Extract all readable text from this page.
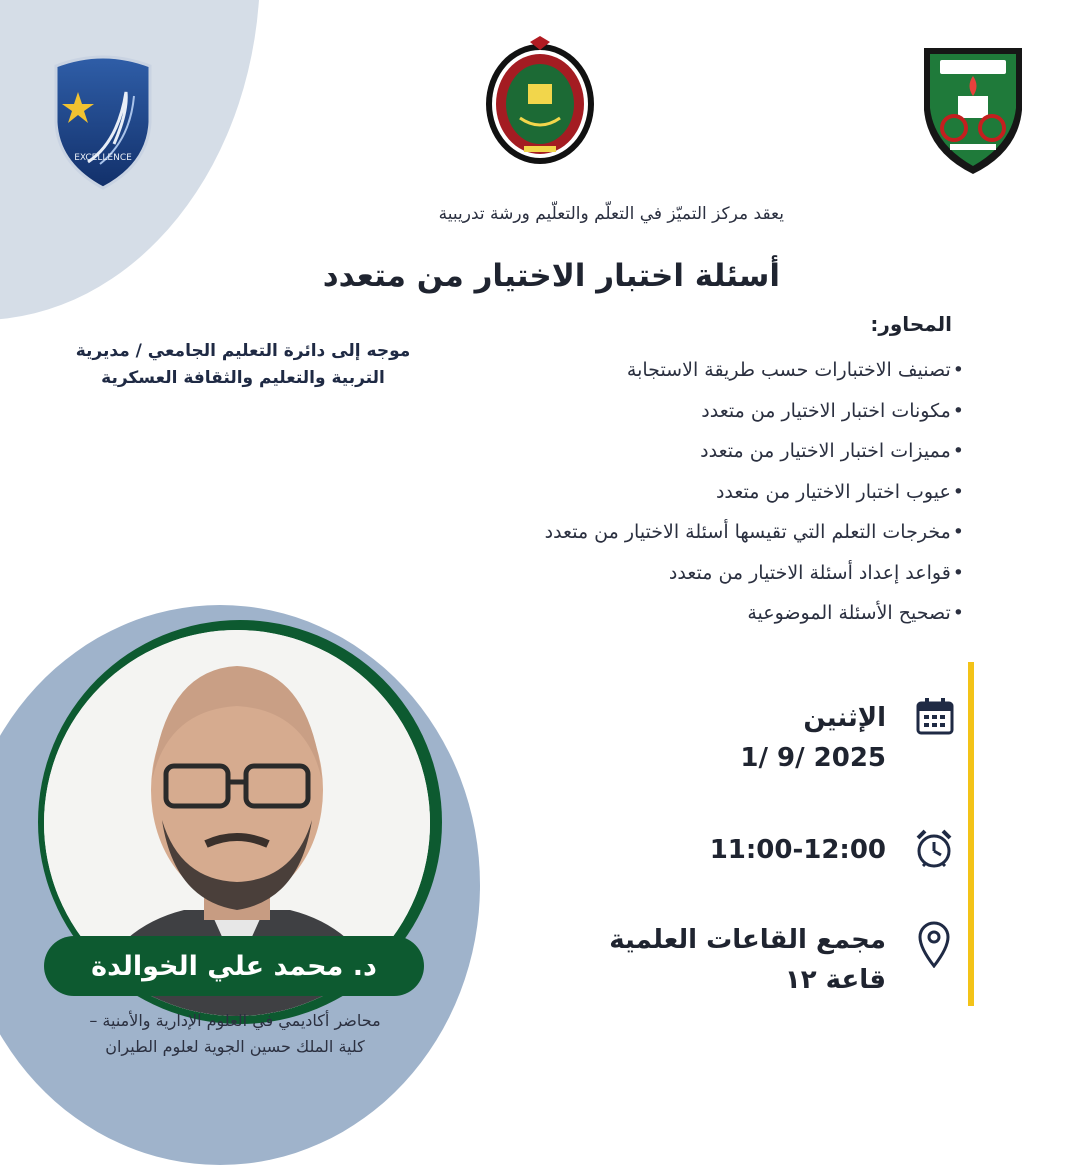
EXCELLENCE
يعقد مركز التميّز في التعلّم والتعلّيم ورشة تدريبية
أسئلة اختبار الاختيار من متعدد
المحاور:
• تصنيف الاختبارات حسب طريقة الاستجابة
• مكونات اختبار الاختيار من متعدد
• مميزات اختبار الاختيار من متعدد
• عيوب اختبار الاختيار من متعدد
• مخرجات التعلم التي تقيسها أسئلة الاختيار من متعدد
• قواعد إعداد أسئلة الاختيار من متعدد
• تصحيح الأسئلة الموضوعية
موجه إلى دائرة التعليم الجامعي / مديرية
التربية والتعليم والثقافة العسكرية
د. محمد علي الخوالدة
محاضر أكاديمي في العلوم الإدارية والأمنية –
كلية الملك حسين الجوية لعلوم الطيران
الإثنين
1/ 9/ 2025
11:00-12:00
مجمع القاعات العلمية
قاعة ١٢
